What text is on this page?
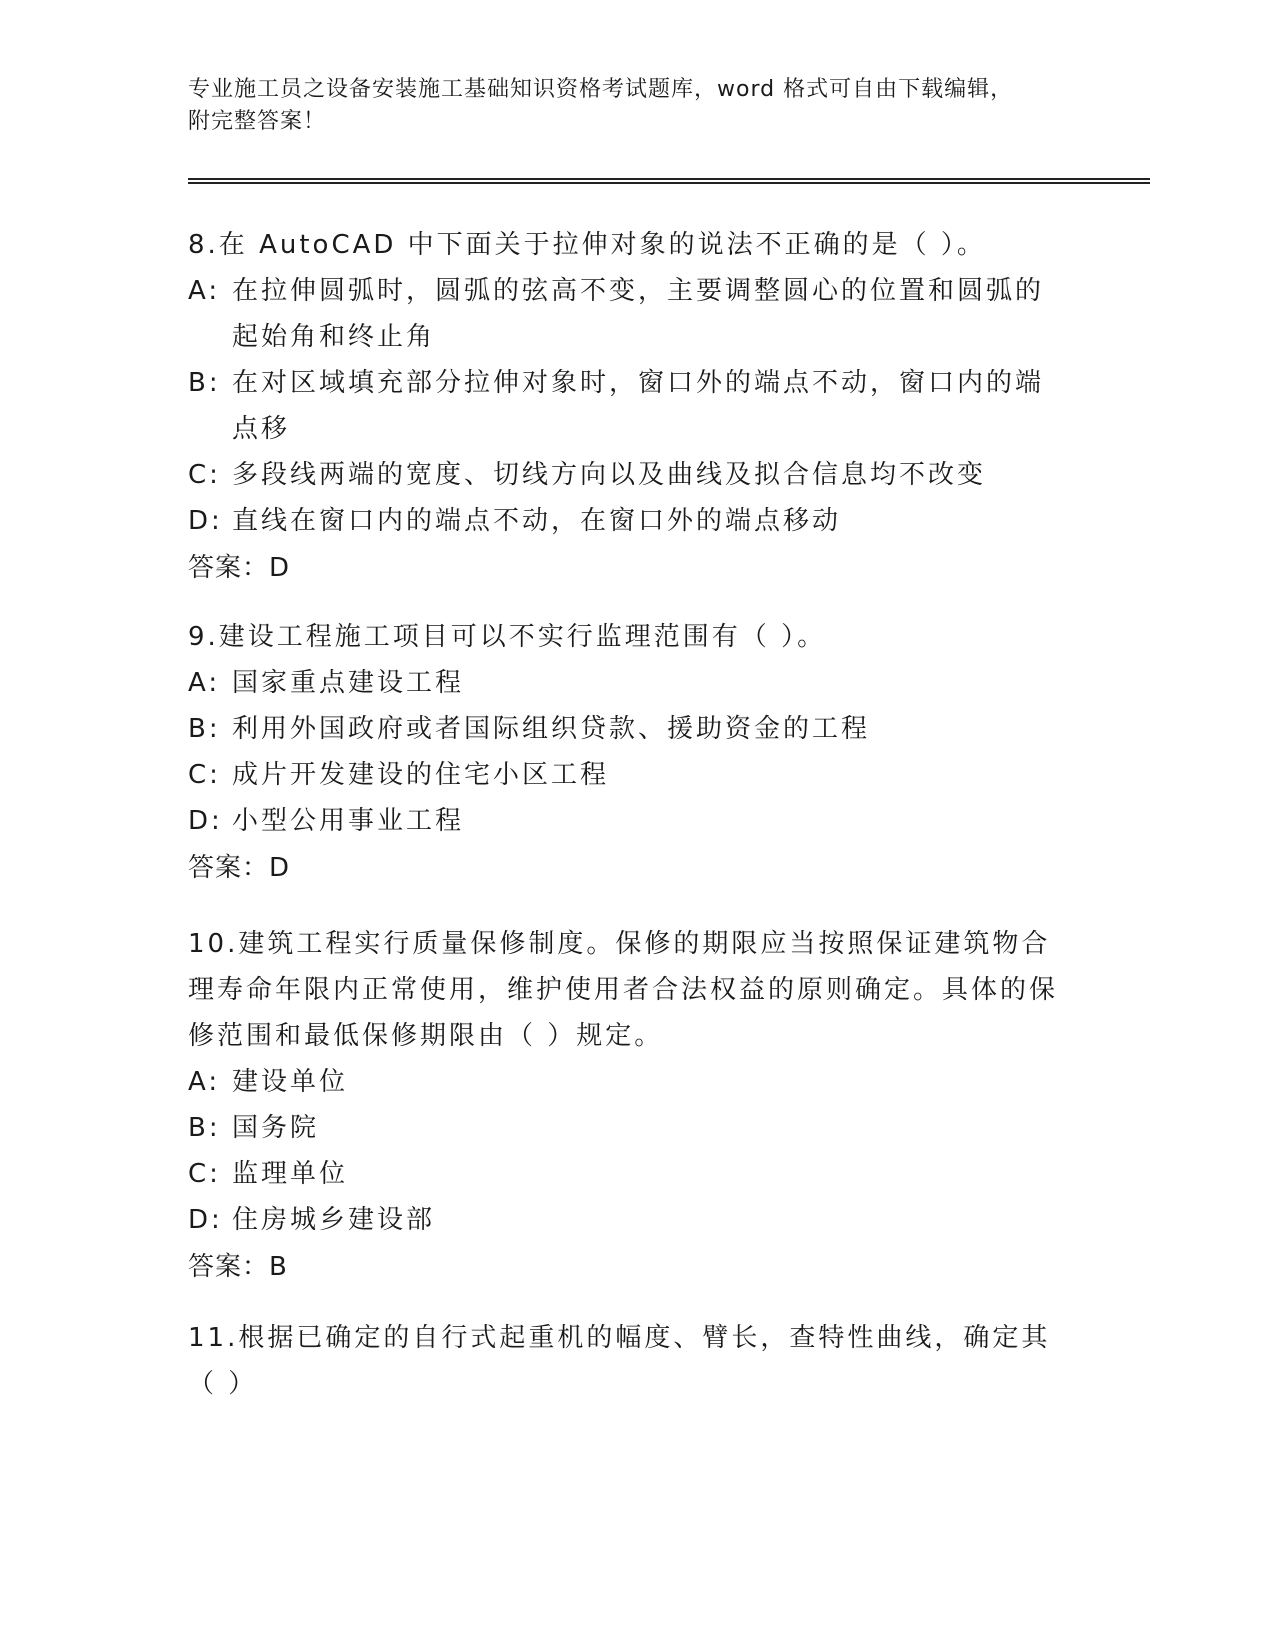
专业施工员之设备安装施工基础知识资格考试题库，word 格式可自由下载编辑，
附完整答案！
8.在 AutoCAD 中下面关于拉伸对象的说法不正确的是（ ）。
A: 在拉伸圆弧时，圆弧的弦高不变，主要调整圆心的位置和圆弧的起始角和终止角
B: 在对区域填充部分拉伸对象时，窗口外的端点不动，窗口内的端点移
C: 多段线两端的宽度、切线方向以及曲线及拟合信息均不改变
D: 直线在窗口内的端点不动，在窗口外的端点移动
答案：D
9.建设工程施工项目可以不实行监理范围有（ ）。
A: 国家重点建设工程
B: 利用外国政府或者国际组织贷款、援助资金的工程
C: 成片开发建设的住宅小区工程
D: 小型公用事业工程
答案：D
10.建筑工程实行质量保修制度。保修的期限应当按照保证建筑物合理寿命年限内正常使用，维护使用者合法权益的原则确定。具体的保修范围和最低保修期限由（ ）规定。
A: 建设单位
B: 国务院
C: 监理单位
D: 住房城乡建设部
答案：B
11.根据已确定的自行式起重机的幅度、臂长，查特性曲线，确定其（ ）
